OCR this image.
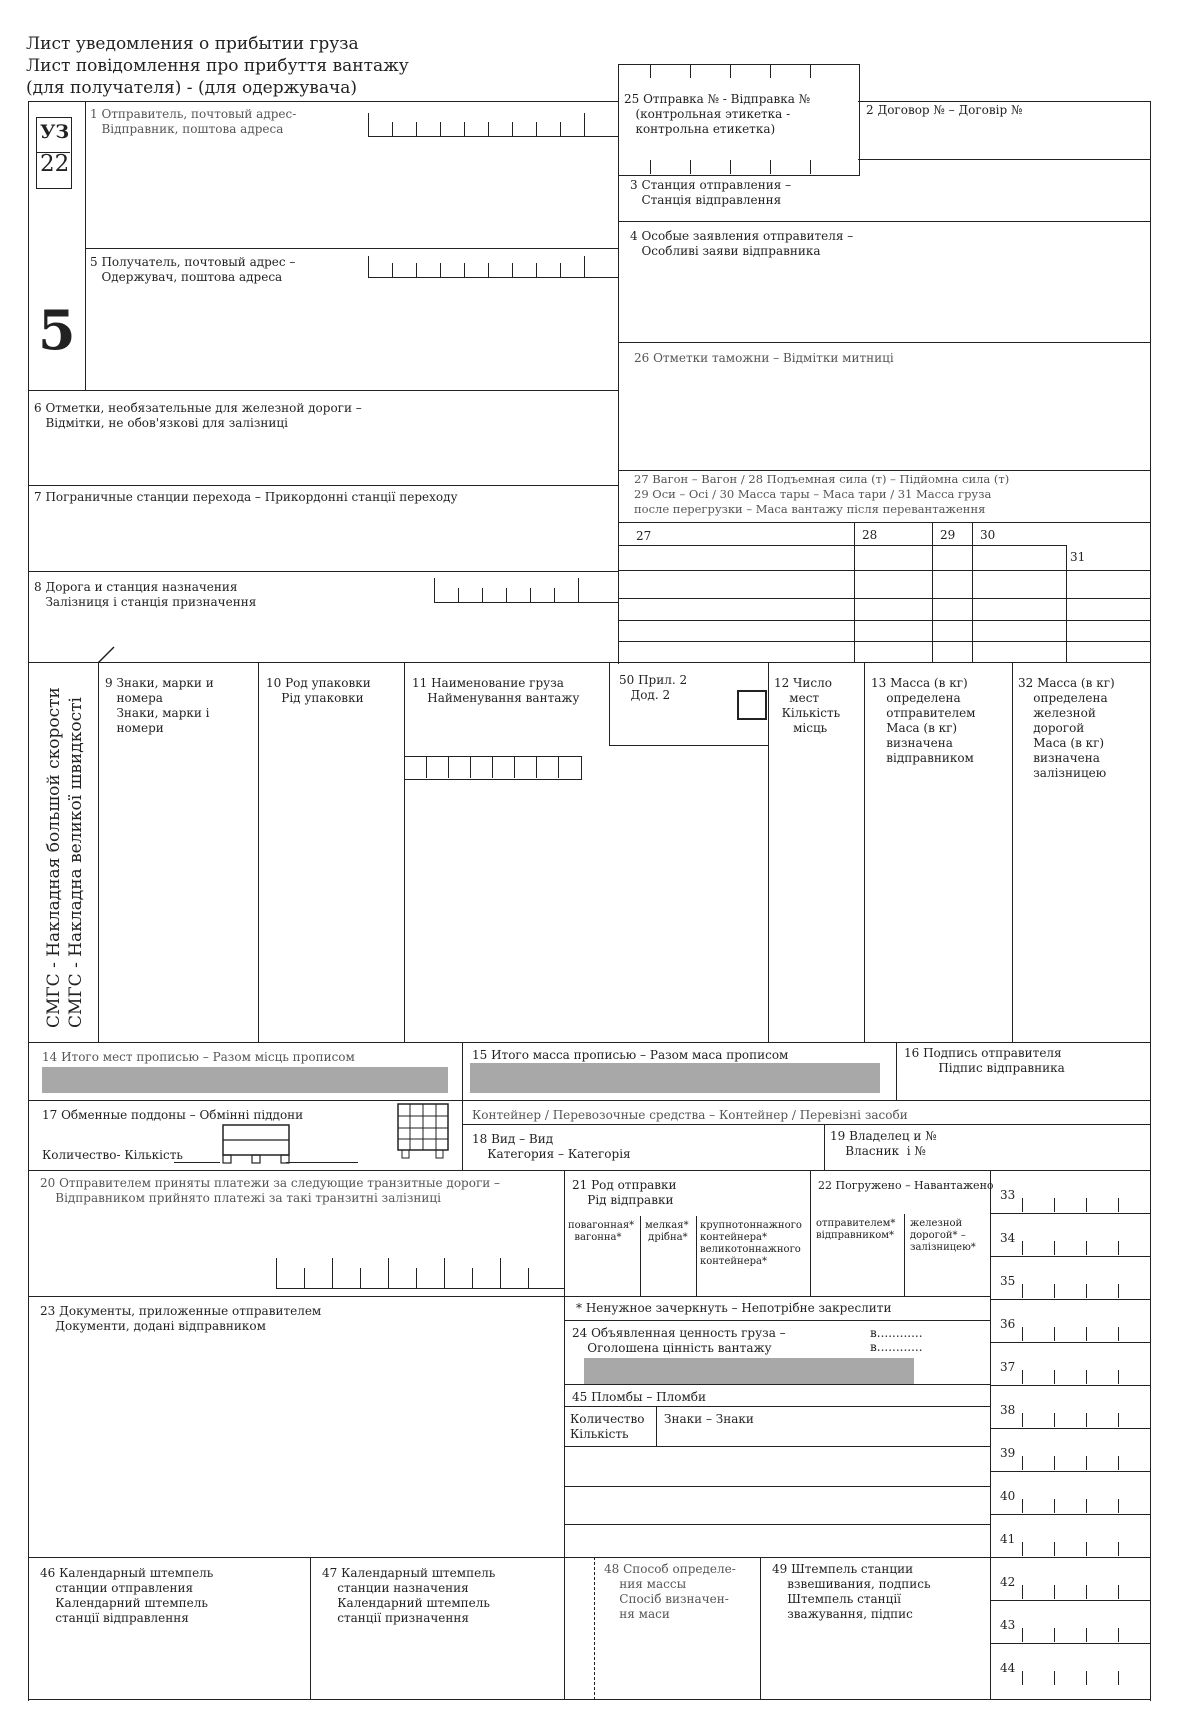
Лист уведомления о прибытии груза
Лист повідомлення про прибуття вантажу
(для получателя) - (для одержувача)
УЗ
22
5
1 Отправитель, почтовый адрес-
Відправник, поштова адреса
25 Отправка № - Відправка №
(контрольная этикетка -
контрольна етикетка)
2 Договор № – Договір №
3 Станция отправления –
Станція відправлення
4 Особые заявления отправителя –
Особливі заяви відправника
5 Получатель, почтовый адрес –
Одержувач, поштова адреса
26 Отметки таможни – Відмітки митниці
6 Отметки, необязательные для железной дороги –
Відмітки, не обов'язкові для залізниці
7 Пограничные станции перехода – Прикордонні станції переходу
27 Вагон – Вагон / 28 Подъемная сила (т) – Підйомна сила (т)
29 Оси – Осі / 30 Масса тары – Маса тари / 31 Масса груза
после перегрузки – Маса вантажу після перевантаження
27	28	29 30
31
8 Дорога и станция назначения
Залізниця і станція призначення
СМГС - Накладная большой скорости СМГС - Накладна великої швидкості
9 Знаки, марки и
номера
Знаки, марки і
номери
10 Род упаковки
Рід упаковки
11 Наименование груза
Найменування вантажу
50 Прил. 2
Дод. 2
12 Число
мест
Кількість
місць
13 Масса (в кг)
определена
отправителем
Маса (в кг)
визначена
відправником
32 Масса (в кг)
определена
железной
дорогой
Маса (в кг)
визначена
залізницею
14 Итого мест прописью – Разом місць прописом	15 Итого масса прописью – Разом маса прописом	16 Подпись отправителя
Підпис відправника
17 Обменные поддоны – Обмінні піддони
Количество- Кількість
Контейнер / Перевозочные средства – Контейнер / Перевізні засоби
18 Вид – Вид
Категория – Категорія
19 Владелец и №
Власник  і №
20 Отправителем приняты платежи за следующие транзитные дороги –
Відправником прийнято платежі за такі транзитні залізниці
21 Род отправки
Рід відправки
повагонная*
вагонна*
мелкая*
дрібна*
крупнотоннажного
контейнера*
великотоннажного
контейнера*
22 Погружено – Навантажено
отправителем*
відправником*
железной
дорогой* –
залізницею*
33
34
35
36
37
38
39
40
41
42
43
44
* Ненужное зачеркнуть – Непотрібне закреслити
23 Документы, приложенные отправителем
Документи, додані відправником	24 Объявленная ценность груза –
Оголошена цінність вантажу
в............
в............
45 Пломбы – Пломби
Количество
Кількість
Знаки – Знаки
46 Календарный штемпель
станции отправления
Календарний штемпель
станції відправлення
47 Календарный штемпель
станции назначения
Календарний штемпель
станції призначення
48 Способ определе-
ния массы
Спосіб визначен-
ня маси
49 Штемпель станции
взвешивания, подпись
Штемпель станції
зважування, підпис
